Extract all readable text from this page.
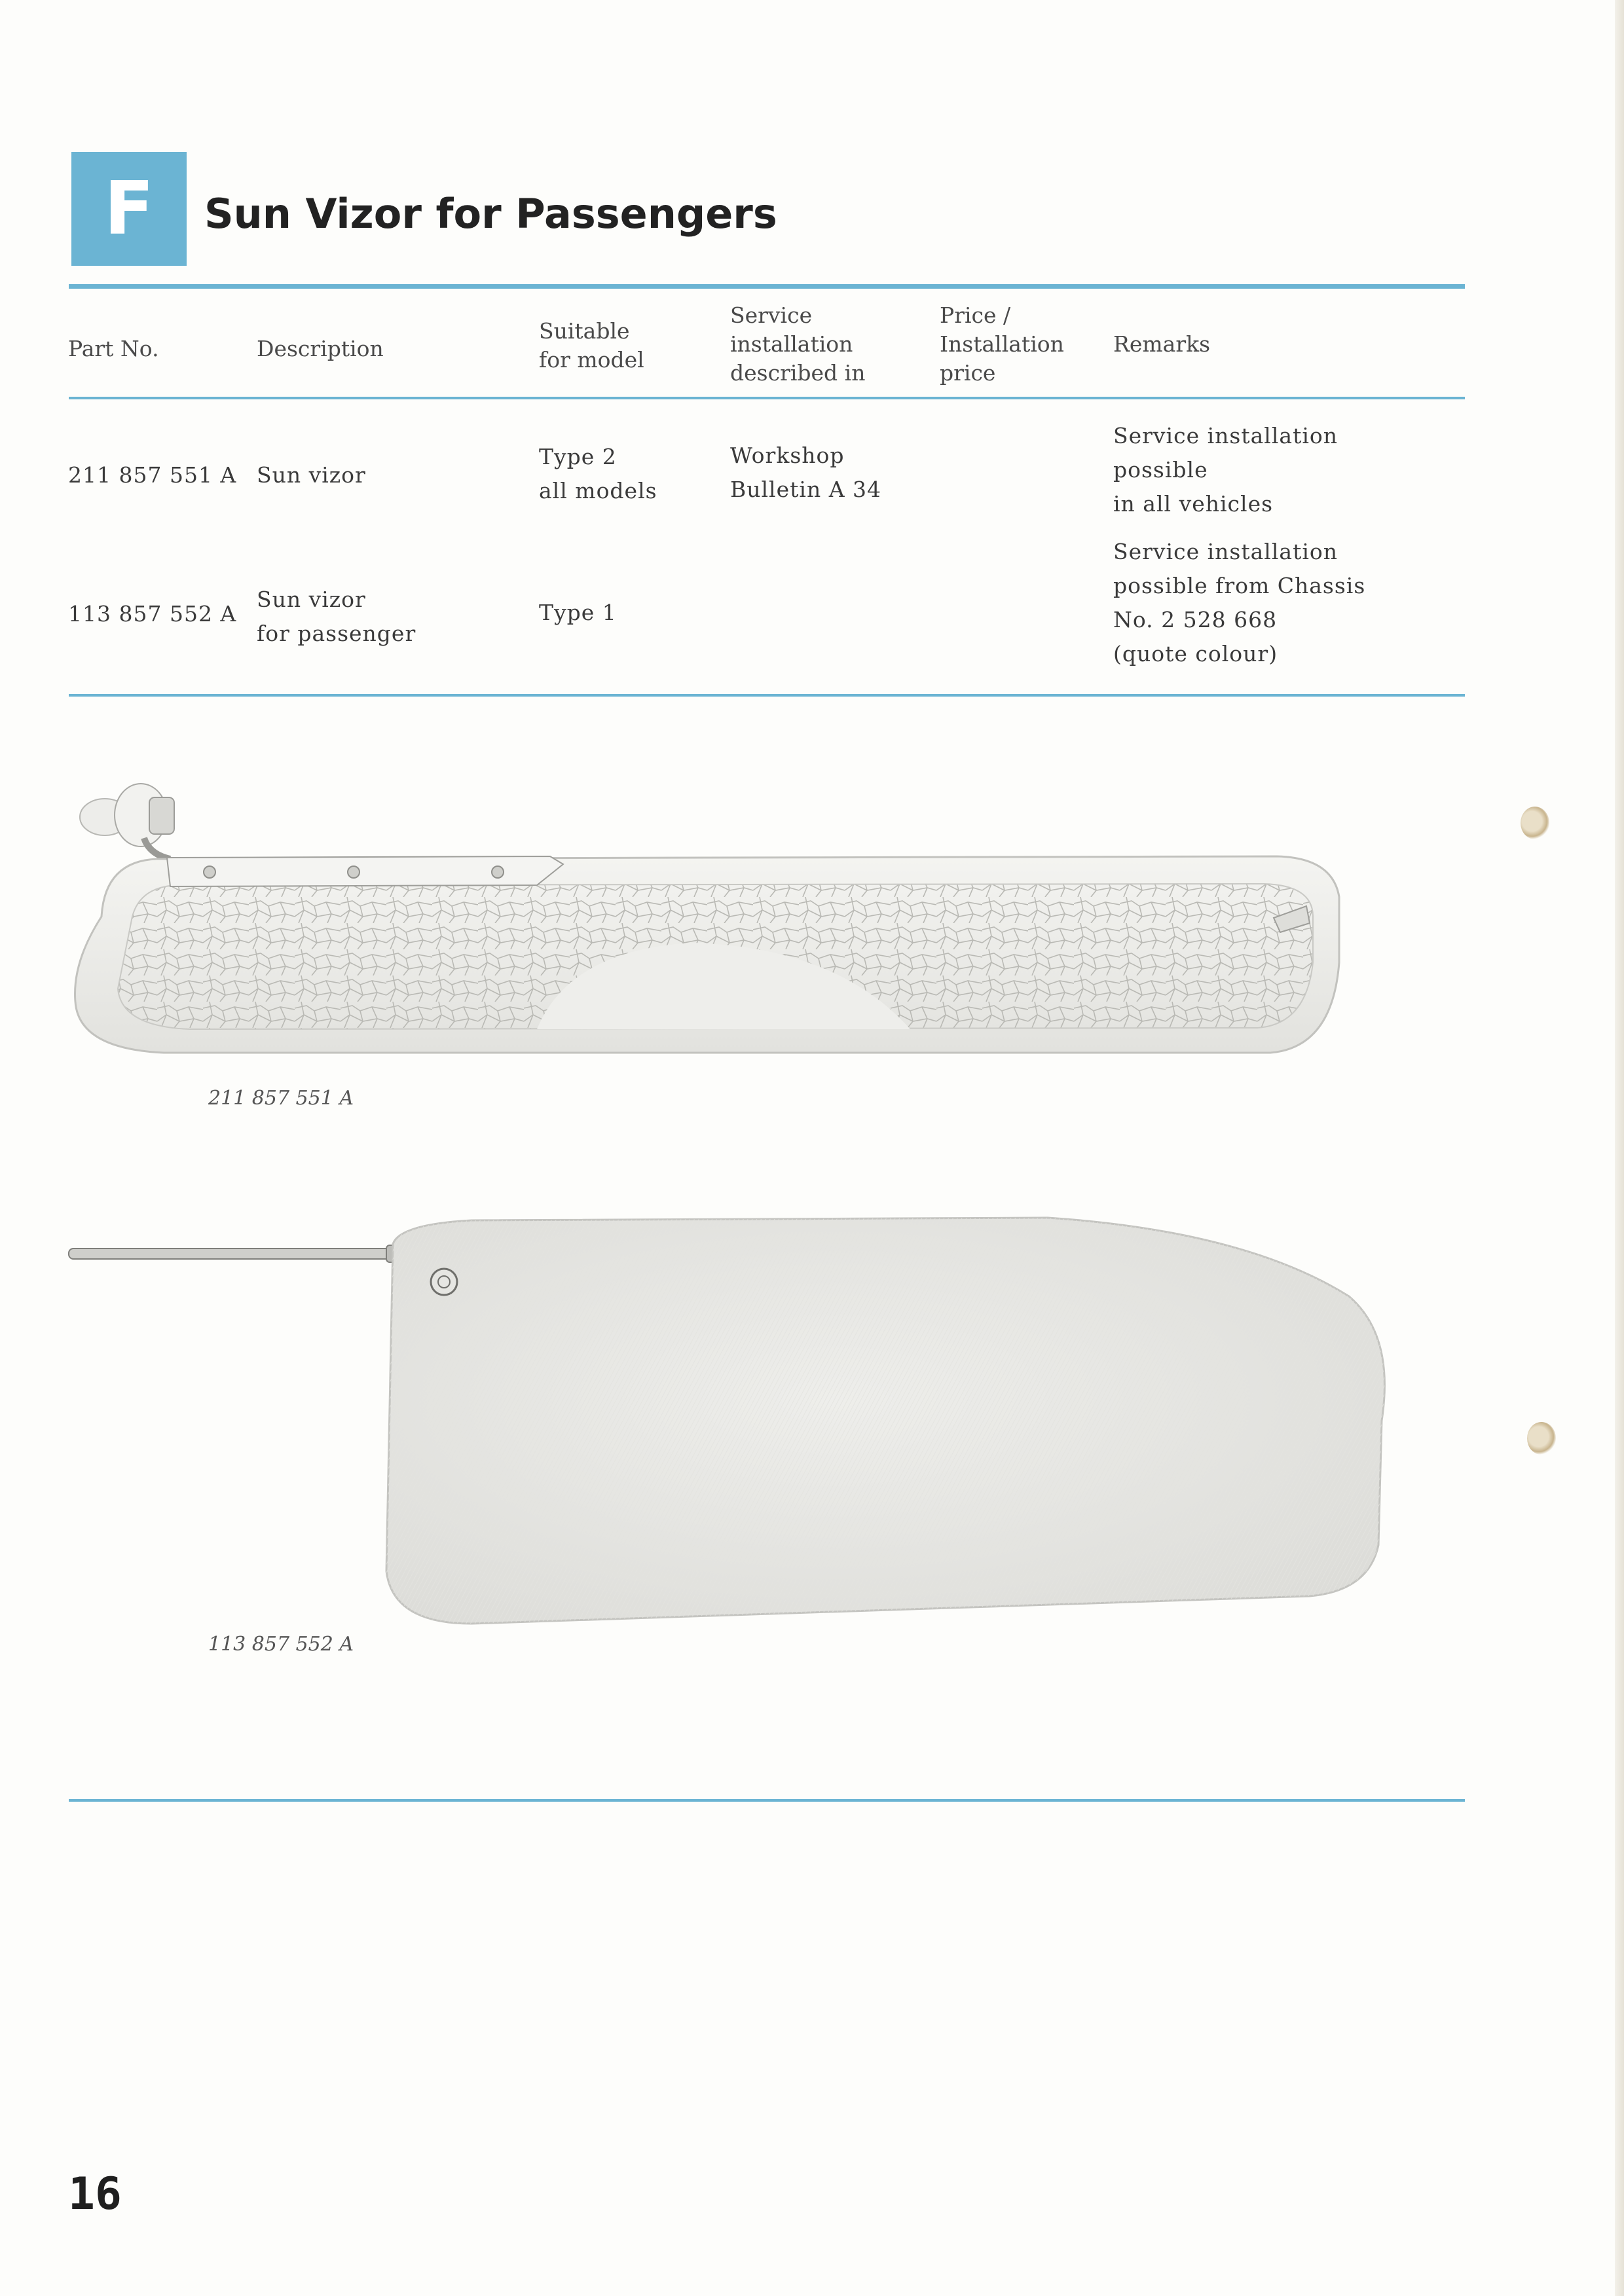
F	Sun Vizor for Passengers
Part No.	Description
Suitable
for model
Service
installation
described in
Price /
Installation
price
Remarks
211 857 551 A Sun vizor
Type 2
all models
Workshop
Bulletin A 34
Service installation
possible
in all vehicles
113 857 552 A
Sun vizor
for passenger
Type 1
Service installation
possible from Chassis
No. 2 528 668
(quote colour)
211 857 551 A
113 857 552 A
16
